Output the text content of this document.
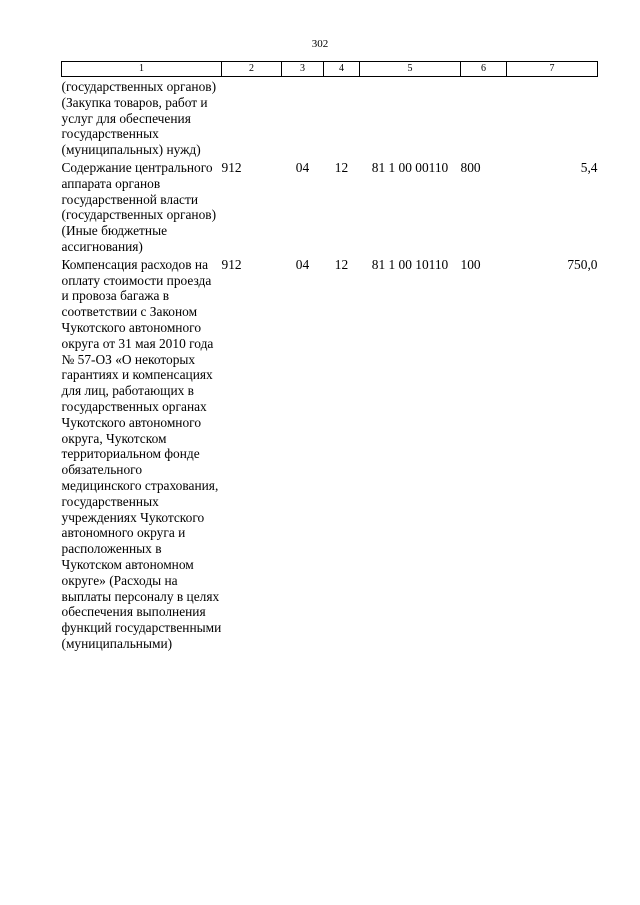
302
1	2	3	4	5	6	7
(государственных органов) (Закупка товаров, работ и услуг для обеспечения государственных (муниципальных) нужд)						
Содержание центрального аппарата органов государственной власти (государственных органов) (Иные бюджетные ассигнования)	912	04	12	81 1 00 00110	800	5,4
Компенсация расходов на оплату стоимости проезда и провоза багажа в соответствии с Законом Чукотского автономного округа от 31 мая 2010 года № 57-ОЗ «О некоторых гарантиях и компенсациях для лиц, работающих в государственных органах Чукотского автономного округа, Чукотском территориальном фонде обязательного медицинского страхования, государственных учреждениях Чукотского автономного округа и расположенных в Чукотском автономном округе» (Расходы на выплаты персоналу в целях обеспечения выполнения функций государственными (муниципальными)	912	04	12	81 1 00 10110	100	750,0
